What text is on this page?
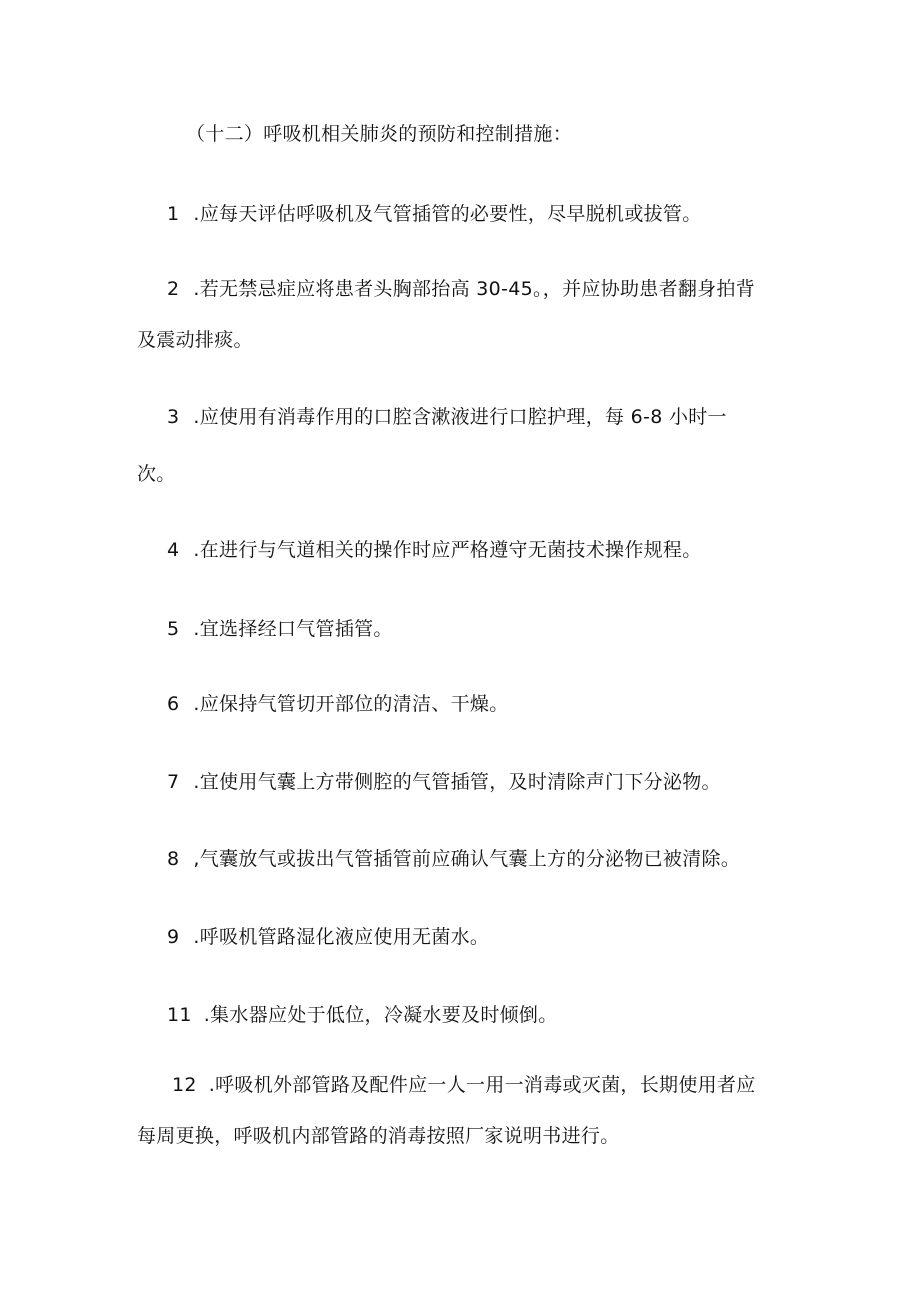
（十二）呼吸机相关肺炎的预防和控制措施：
1 .应每天评估呼吸机及气管插管的必要性，尽早脱机或拔管。
2 .若无禁忌症应将患者头胸部抬高 30-45。，并应协助患者翻身拍背
及震动排痰。
3 .应使用有消毒作用的口腔含漱液进行口腔护理，每 6-8 小时一
次。
4 .在进行与气道相关的操作时应严格遵守无菌技术操作规程。
5 .宜选择经口气管插管。
6 .应保持气管切开部位的清洁、干燥。
7 .宜使用气囊上方带侧腔的气管插管，及时清除声门下分泌物。
8 ,气囊放气或拔出气管插管前应确认气囊上方的分泌物已被清除。
9 .呼吸机管路湿化液应使用无菌水。
11 .集水器应处于低位，冷凝水要及时倾倒。
12 .呼吸机外部管路及配件应一人一用一消毒或灭菌，长期使用者应
每周更换，呼吸机内部管路的消毒按照厂家说明书进行。
